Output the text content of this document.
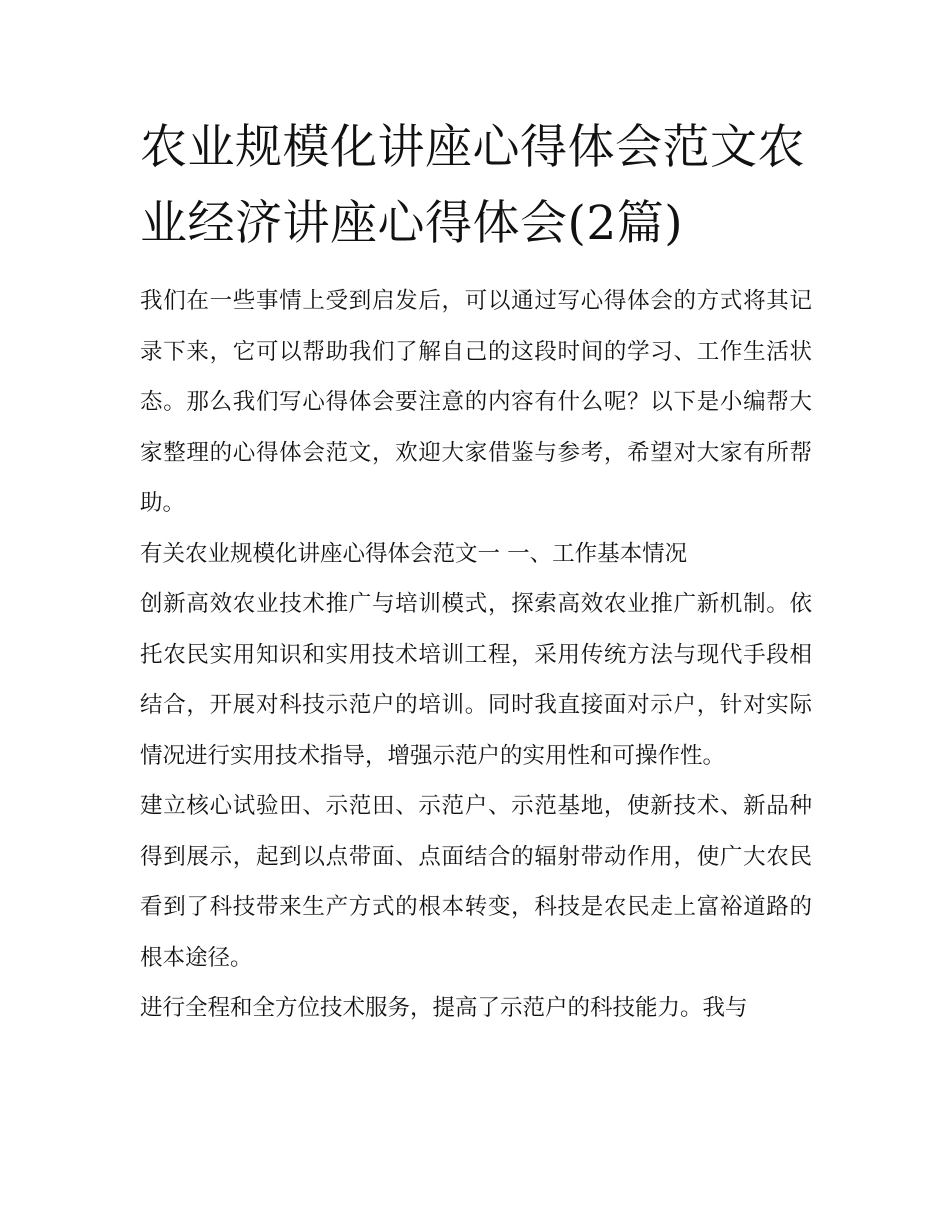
农业规模化讲座心得体会范文农业经济讲座心得体会(2篇)

我们在一些事情上受到启发后，可以通过写心得体会的方式将其记录下来，它可以帮助我们了解自己的这段时间的学习、工作生活状态。那么我们写心得体会要注意的内容有什么呢？以下是小编帮大家整理的心得体会范文，欢迎大家借鉴与参考，希望对大家有所帮助。

有关农业规模化讲座心得体会范文一 一、工作基本情况

创新高效农业技术推广与培训模式，探索高效农业推广新机制。依托农民实用知识和实用技术培训工程，采用传统方法与现代手段相结合，开展对科技示范户的培训。同时我直接面对示户，针对实际情况进行实用技术指导，增强示范户的实用性和可操作性。

建立核心试验田、示范田、示范户、示范基地，使新技术、新品种得到展示，起到以点带面、点面结合的辐射带动作用，使广大农民看到了科技带来生产方式的根本转变，科技是农民走上富裕道路的根本途径。

进行全程和全方位技术服务，提高了示范户的科技能力。我与
